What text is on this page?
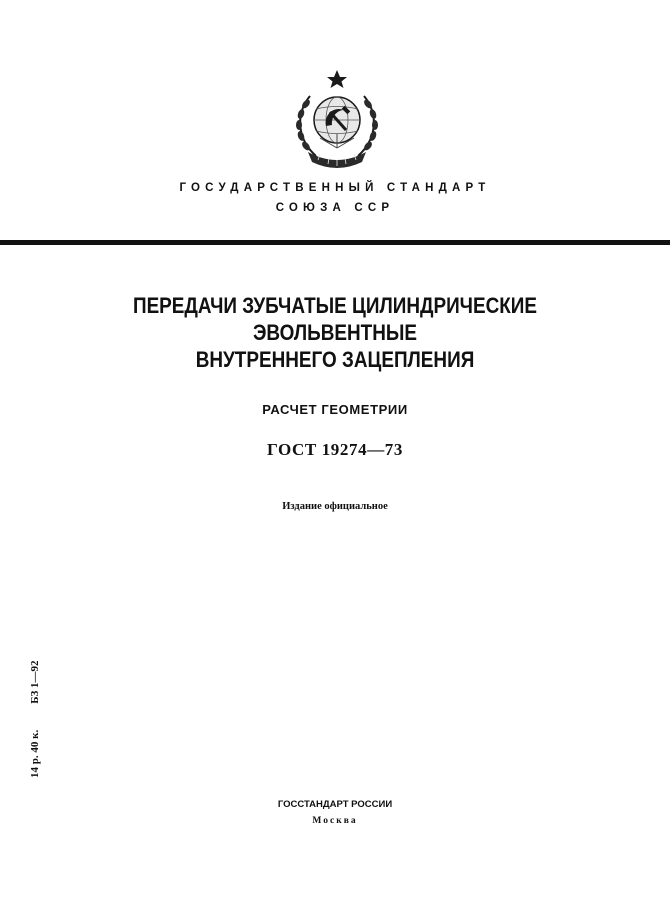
ГОСУДАРСТВЕННЫЙ СТАНДАРТ
СОЮЗА ССР
ПЕРЕДАЧИ ЗУБЧАТЫЕ ЦИЛИНДРИЧЕСКИЕ
ЭВОЛЬВЕНТНЫЕ
ВНУТРЕННЕГО ЗАЦЕПЛЕНИЯ
РАСЧЕТ ГЕОМЕТРИИ
ГОСТ 19274—73
Издание официальное
14 р. 40 к.БЗ 1—92
ГОССТАНДАРТ РОССИИ
Москва
